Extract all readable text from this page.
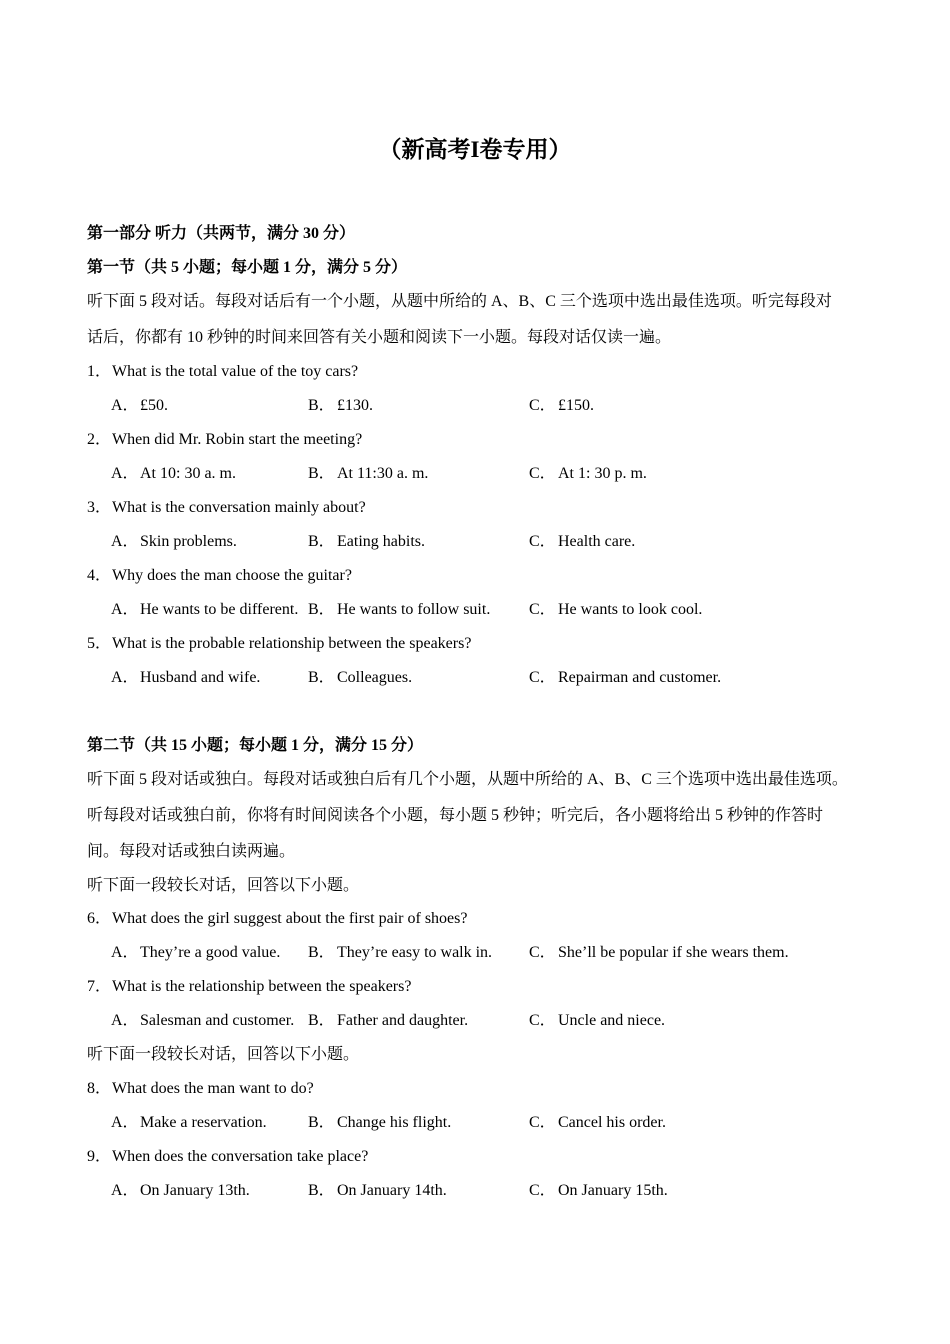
（新高考I卷专用）
第一部分 听力（共两节，满分 30 分）
第一节（共 5 小题；每小题 1 分，满分 5 分）
听下面 5 段对话。每段对话后有一个小题，从题中所给的 A、B、C 三个选项中选出最佳选项。听完每段对
话后，你都有 10 秒钟的时间来回答有关小题和阅读下一小题。每段对话仅读一遍。
1．What is the total value of the toy cars?
A．£50.	B． £130.	C． £150.
2．When did Mr. Robin start the meeting?
A．At 10: 30 a. m.	B． At 11:30 a. m.	C． At 1: 30 p. m.
3．What is the conversation mainly about?
A．Skin problems.	B． Eating habits.	C． Health care.
4．Why does the man choose the guitar?
A．He wants to be different. B． He wants to follow suit. C． He wants to look cool.
5．What is the probable relationship between the speakers?
A．Husband and wife.	B． Colleagues.	C． Repairman and customer.
第二节（共 15 小题；每小题 1 分，满分 15 分）
听下面 5 段对话或独白。每段对话或独白后有几个小题，从题中所给的 A、B、C 三个选项中选出最佳选项。
听每段对话或独白前，你将有时间阅读各个小题，每小题 5 秒钟；听完后，各小题将给出 5 秒钟的作答时
间。每段对话或独白读两遍。
听下面一段较长对话，回答以下小题。
6．What does the girl suggest about the first pair of shoes?
A．They’re a good value. B． They’re easy to walk in. C． She’ll be popular if she wears them.
7．What is the relationship between the speakers?
A．Salesman and customer. B． Father and daughter.	C． Uncle and niece.
听下面一段较长对话，回答以下小题。
8．What does the man want to do?
A．Make a reservation.	B． Change his flight.	C． Cancel his order.
9．When does the conversation take place?
A．On January 13th.	B． On January 14th.	C． On January 15th.
